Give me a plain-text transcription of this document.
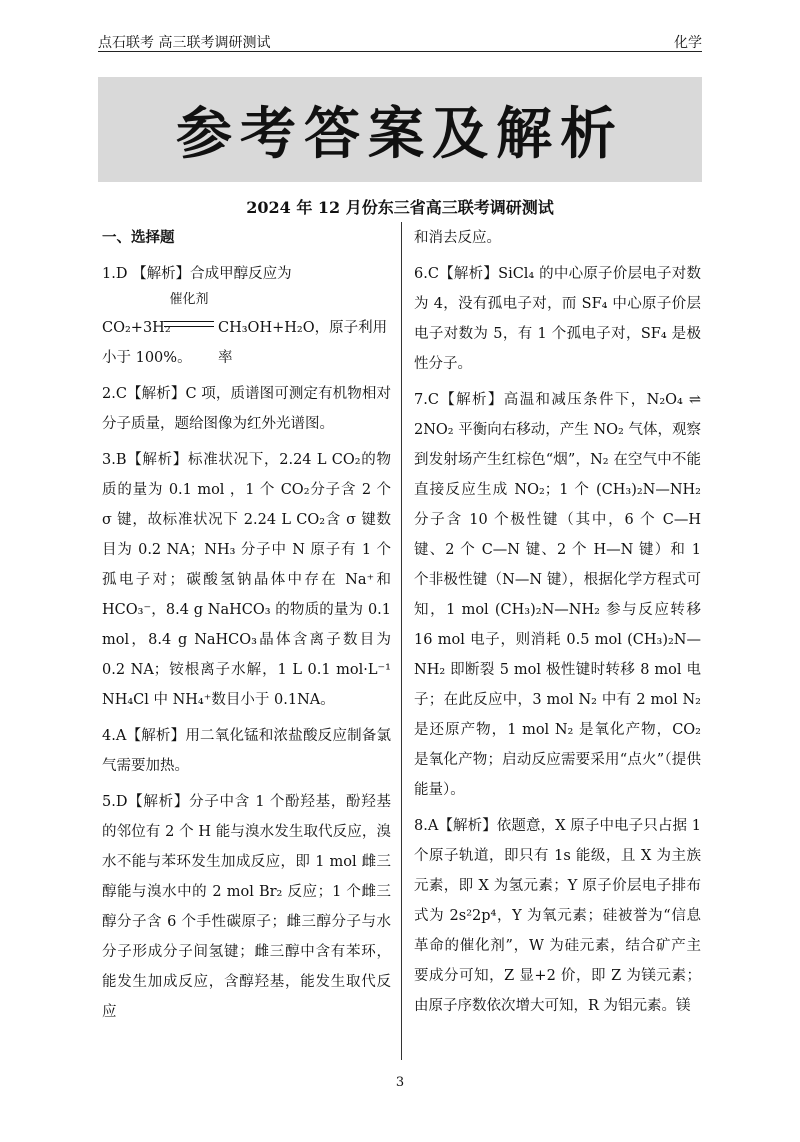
点石联考 高三联考调研测试	化学
参考答案及解析
2024 年 12 月份东三省高三联考调研测试

一、选择题

1.D 【解析】合成甲醇反应为

CO₂+3H₂
催化剂
CH₃OH+H₂O，原子利用率

小于 100%。

2.C【解析】C 项，质谱图可测定有机物相对分子质量，题给图像为红外光谱图。

3.B【解析】标准状况下，2.24 L CO₂的物质的量为 0.1 mol ，1 个 CO₂分子含 2 个 σ 键，故标准状况下 2.24 L CO₂含 σ 键数目为 0.2 NA；NH₃ 分子中 N 原子有 1 个孤电子对；碳酸氢钠晶体中存在 Na⁺和 HCO₃⁻，8.4 g NaHCO₃ 的物质的量为 0.1 mol，8.4 g NaHCO₃晶体含离子数目为 0.2 NA；铵根离子水解，1 L 0.1 mol·L⁻¹ NH₄Cl 中 NH₄⁺数目小于 0.1NA。

4.A【解析】用二氧化锰和浓盐酸反应制备氯气需要加热。

5.D【解析】分子中含 1 个酚羟基，酚羟基的邻位有 2 个 H 能与溴水发生取代反应，溴水不能与苯环发生加成反应，即 1 mol 雌三醇能与溴水中的 2 mol Br₂ 反应；1 个雌三醇分子含 6 个手性碳原子；雌三醇分子与水分子形成分子间氢键；雌三醇中含有苯环，能发生加成反应，含醇羟基，能发生取代反应

和消去反应。

6.C【解析】SiCl₄ 的中心原子价层电子对数为 4，没有孤电子对，而 SF₄ 中心原子价层电子对数为 5，有 1 个孤电子对，SF₄ 是极性分子。

7.C【解析】高温和减压条件下，N₂O₄ ⇌ 2NO₂ 平衡向右移动，产生 NO₂ 气体，观察到发射场产生红棕色“烟”，N₂ 在空气中不能直接反应生成 NO₂；1 个 (CH₃)₂N—NH₂ 分子含 10 个极性键（其中，6 个 C—H 键、2 个 C—N 键、2 个 H—N 键）和 1 个非极性键（N—N 键），根据化学方程式可知，1 mol (CH₃)₂N—NH₂ 参与反应转移 16 mol 电子，则消耗 0.5 mol (CH₃)₂N—NH₂ 即断裂 5 mol 极性键时转移 8 mol 电子；在此反应中，3 mol N₂ 中有 2 mol N₂ 是还原产物，1 mol N₂ 是氧化产物，CO₂ 是氧化产物；启动反应需要采用“点火”（提供能量）。

8.A【解析】依题意，X 原子中电子只占据 1 个原子轨道，即只有 1s 能级，且 X 为主族元素，即 X 为氢元素；Y 原子价层电子排布式为 2s²2p⁴，Y 为氧元素；硅被誉为“信息革命的催化剂”，W 为硅元素，结合矿产主要成分可知，Z 显+2 价，即 Z 为镁元素；由原子序数依次增大可知，R 为铝元素。镁

3
